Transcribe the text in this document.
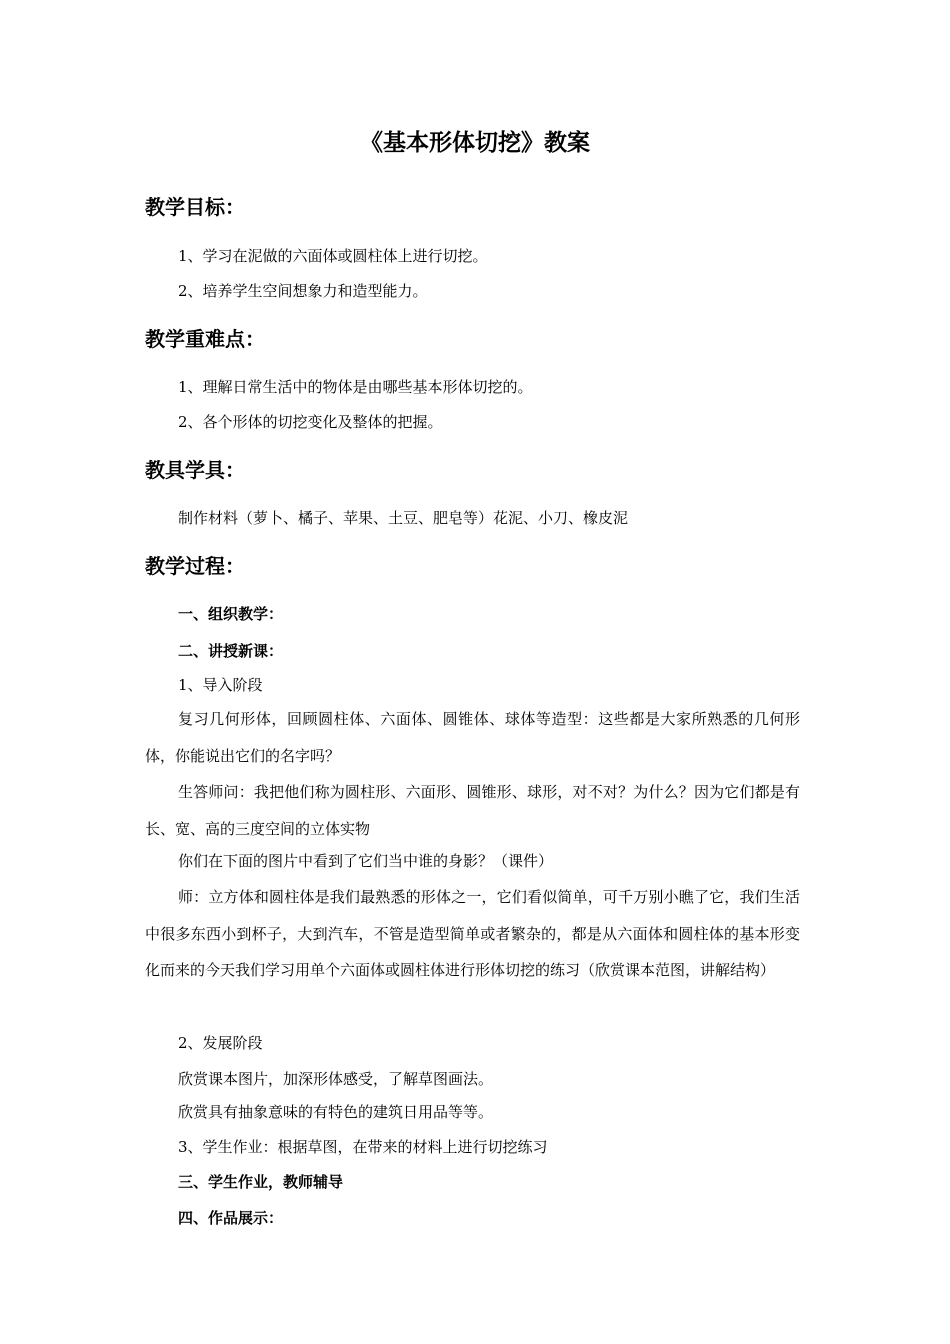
《基本形体切挖》教案
教学目标：

1、学习在泥做的六面体或圆柱体上进行切挖。

2、培养学生空间想象力和造型能力。

教学重难点：

1、理解日常生活中的物体是由哪些基本形体切挖的。

2、各个形体的切挖变化及整体的把握。

教具学具：

制作材料（萝卜、橘子、苹果、土豆、肥皂等）花泥、小刀、橡皮泥

教学过程：

一、组织教学：

二、讲授新课：

1、导入阶段

复习几何形体，回顾圆柱体、六面体、圆锥体、球体等造型：这些都是大家所熟悉的几何形体，你能说出它们的名字吗？

生答师问：我把他们称为圆柱形、六面形、圆锥形、球形，对不对？为什么？因为它们都是有长、宽、高的三度空间的立体实物

你们在下面的图片中看到了它们当中谁的身影？（课件）

师：立方体和圆柱体是我们最熟悉的形体之一，它们看似简单，可千万别小瞧了它，我们生活中很多东西小到杯子，大到汽车，不管是造型简单或者繁杂的，都是从六面体和圆柱体的基本形变化而来的今天我们学习用单个六面体或圆柱体进行形体切挖的练习（欣赏课本范图，讲解结构）

2、发展阶段

欣赏课本图片，加深形体感受，了解草图画法。

欣赏具有抽象意味的有特色的建筑日用品等等。

3、学生作业：根据草图，在带来的材料上进行切挖练习

三、学生作业，教师辅导

四、作品展示：
